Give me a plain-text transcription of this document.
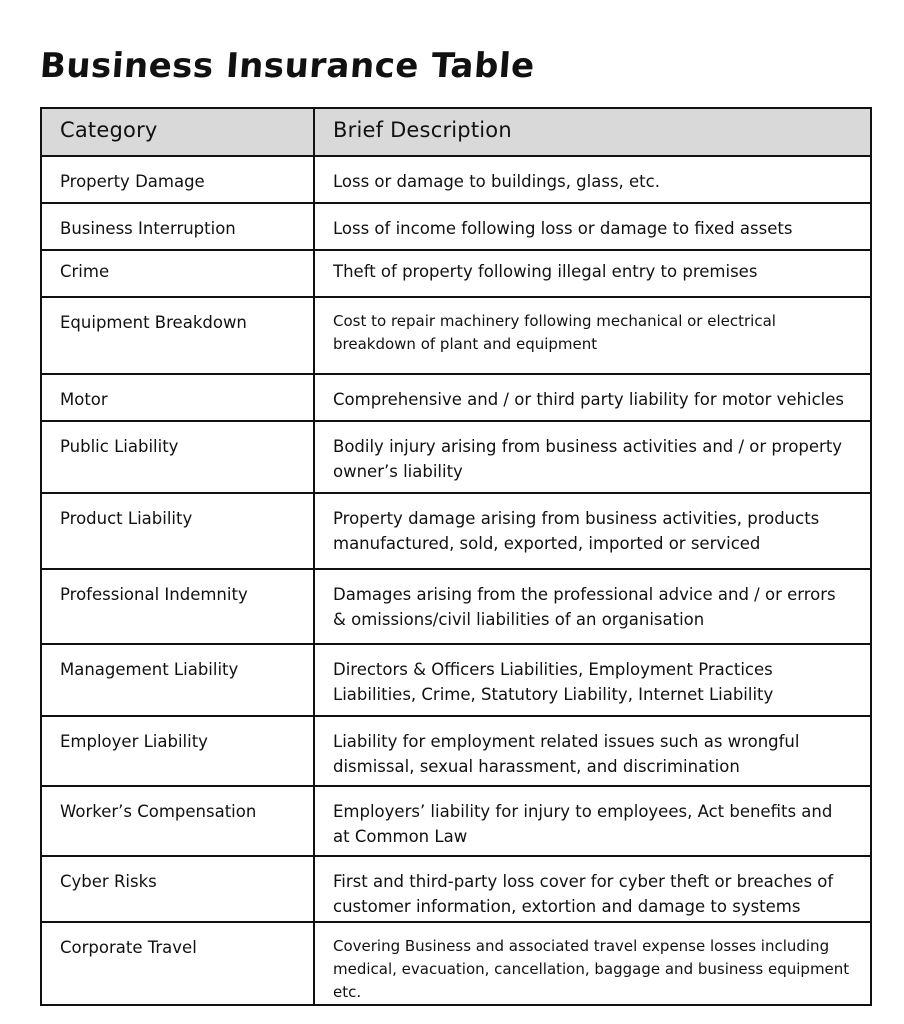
Business Insurance Table
Category	Brief Description
Property Damage	Loss or damage to buildings, glass, etc.
Business Interruption	Loss of income following loss or damage to fixed assets
Crime	Theft of property following illegal entry to premises
Equipment Breakdown	Cost to repair machinery following mechanical or electrical breakdown of plant and equipment
Motor	Comprehensive and / or third party liability for motor vehicles
Public Liability	Bodily injury arising from business activities and / or property owner’s liability
Product Liability	Property damage arising from business activities, products manufactured, sold, exported, imported or serviced
Professional Indemnity	Damages arising from the professional advice and / or errors & omissions/civil liabilities of an organisation
Management Liability	Directors & Officers Liabilities, Employment Practices Liabilities, Crime, Statutory Liability, Internet Liability
Employer Liability	Liability for employment related issues such as wrongful dismissal, sexual harassment, and discrimination
Worker’s Compensation	Employers’ liability for injury to employees, Act benefits and at Common Law
Cyber Risks	First and third-party loss cover for cyber theft or breaches of customer information, extortion and damage to systems
Corporate Travel	Covering Business and associated travel expense losses including medical, evacuation, cancellation, baggage and business equipment etc.
